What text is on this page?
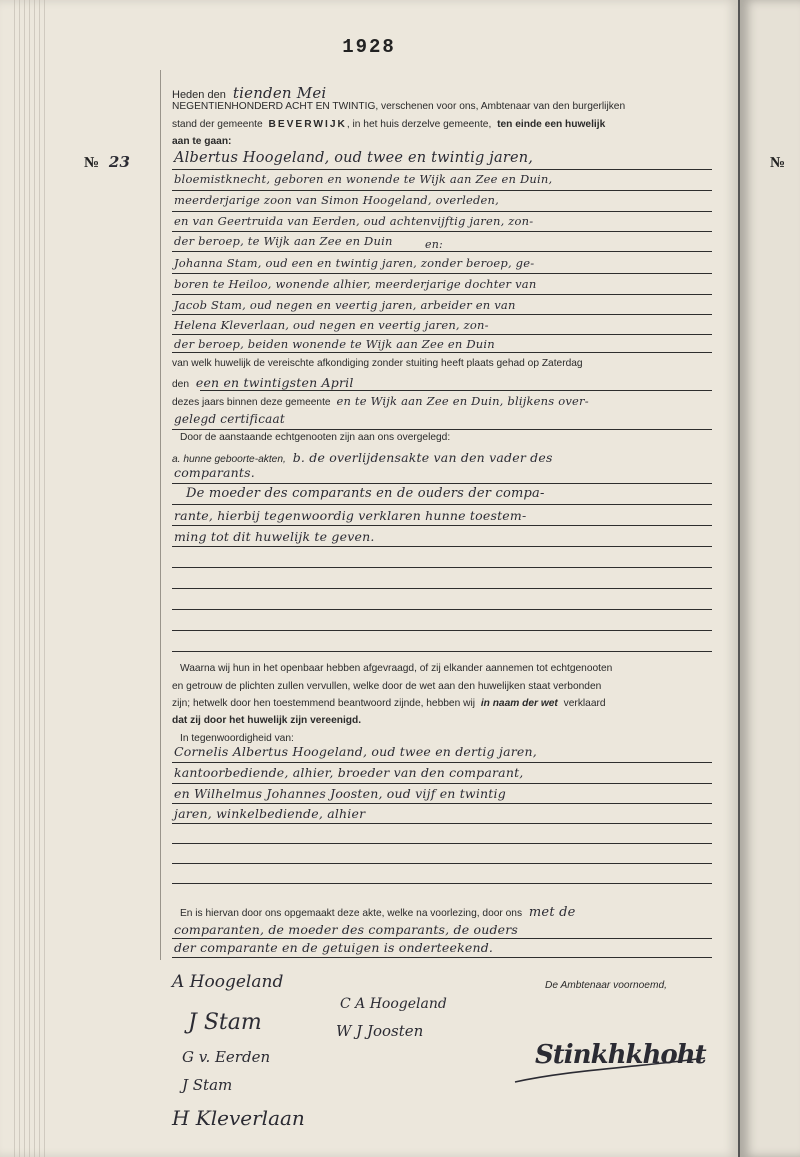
1928
№ 23
Heden den tienden Mei
NEGENTIENHONDERD ACHT EN TWINTIG, verschenen voor ons, Ambtenaar van den burgerlijken
stand der gemeente BEVERWIJK, in het huis derzelve gemeente, ten einde een huwelijk
aan te gaan:
Albertus Hoogeland, oud twee en twintig jaren,
bloemistknecht, geboren en wonende te Wijk aan Zee en Duin,
meerderjarige zoon van Simon Hoogeland, overleden,
en van Geertruida van Eerden, oud achtenvijftig jaren, zon-
der beroep, te Wijk aan Zee en Duin	en:
Johanna Stam, oud een en twintig jaren, zonder beroep, ge-
boren te Heiloo, wonende alhier, meerderjarige dochter van
Jacob Stam, oud negen en veertig jaren, arbeider en van
Helena Kleverlaan, oud negen en veertig jaren, zon-
der beroep, beiden wonende te Wijk aan Zee en Duin
van welk huwelijk de vereischte afkondiging zonder stuiting heeft plaats gehad op Zaterdag
den een en twintigsten April
dezes jaars binnen deze gemeente en te Wijk aan Zee en Duin, blijkens over-
gelegd certificaat
Door de aanstaande echtgenooten zijn aan ons overgelegd:
a. hunne geboorte-akten, b. de overlijdensakte van den vader des
comparants.
De moeder des comparants en de ouders der compa-
rante, hierbij tegenwoordig verklaren hunne toestem-
ming tot dit huwelijk te geven.
Waarna wij hun in het openbaar hebben afgevraagd, of zij elkander aannemen tot echtgenooten
en getrouw de plichten zullen vervullen, welke door de wet aan den huwelijken staat verbonden
zijn; hetwelk door hen toestemmend beantwoord zijnde, hebben wij in naam der wet verklaard
dat zij door het huwelijk zijn vereenigd.
In tegenwoordigheid van:
Cornelis Albertus Hoogeland, oud twee en dertig jaren,
kantoorbediende, alhier, broeder van den comparant,
en Wilhelmus Johannes Joosten, oud vijf en twintig
jaren, winkelbediende, alhier
En is hiervan door ons opgemaakt deze akte, welke na voorlezing, door ons met de
comparanten, de moeder des comparants, de ouders
der comparante en de getuigen is onderteekend.
De Ambtenaar voornoemd,
A Hoogeland
J Stam
G v. Eerden
J Stam
H Kleverlaan
C A Hoogeland
W J Joosten
Stinkhkhoht
№
